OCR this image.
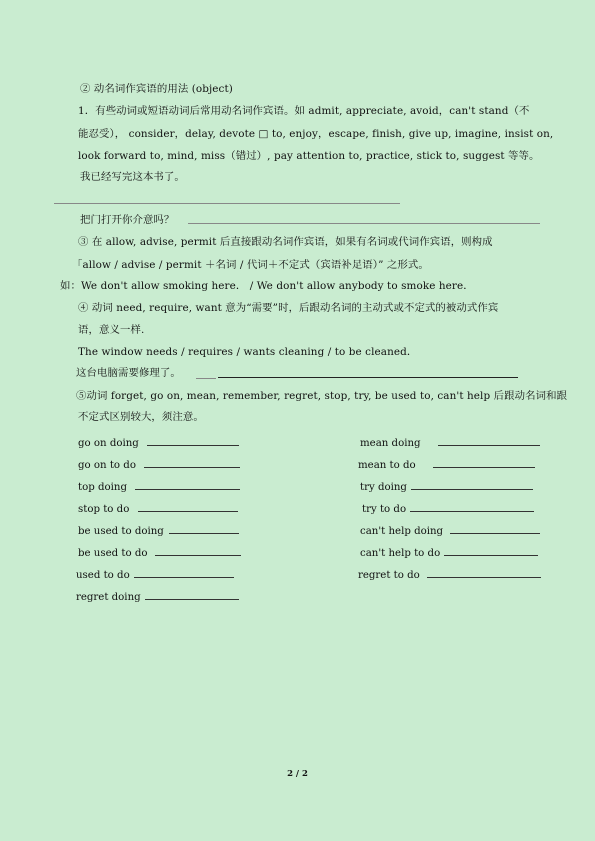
② 动名词作宾语的用法 (object)
1．有些动词或短语动词后常用动名词作宾语。如 admit, appreciate, avoid，can't stand（不
能忍受）， consider，delay, devote □ to, enjoy，escape, finish, give up, imagine, insist on,
look forward to, mind, miss（错过）, pay attention to, practice, stick to, suggest 等等。
我已经写完这本书了。
把门打开你介意吗？
③ 在 allow, advise, permit 后直接跟动名词作宾语，如果有名词或代词作宾语，则构成
「allow / advise / permit ＋名词 / 代词＋不定式（宾语补足语）” 之形式。
如：We don't allow smoking here． / We don't allow anybody to smoke here．
④ 动词 need, require, want 意为“需要”时，后跟动名词的主动式或不定式的被动式作宾
语，意义一样.
The window needs / requires / wants cleaning / to be cleaned．
这台电脑需要修理了。
⑤动词 forget, go on, mean, remember, regret, stop, try, be used to, can't help 后跟动名词和跟
不定式区别较大，须注意。
go on doing
go on to do
top doing
stop to do
be used to doing
be used to do
used to do
regret doing
mean doing
mean to do
try doing
try to do
can't help doing
can't help to do
regret to do
2 / 2
